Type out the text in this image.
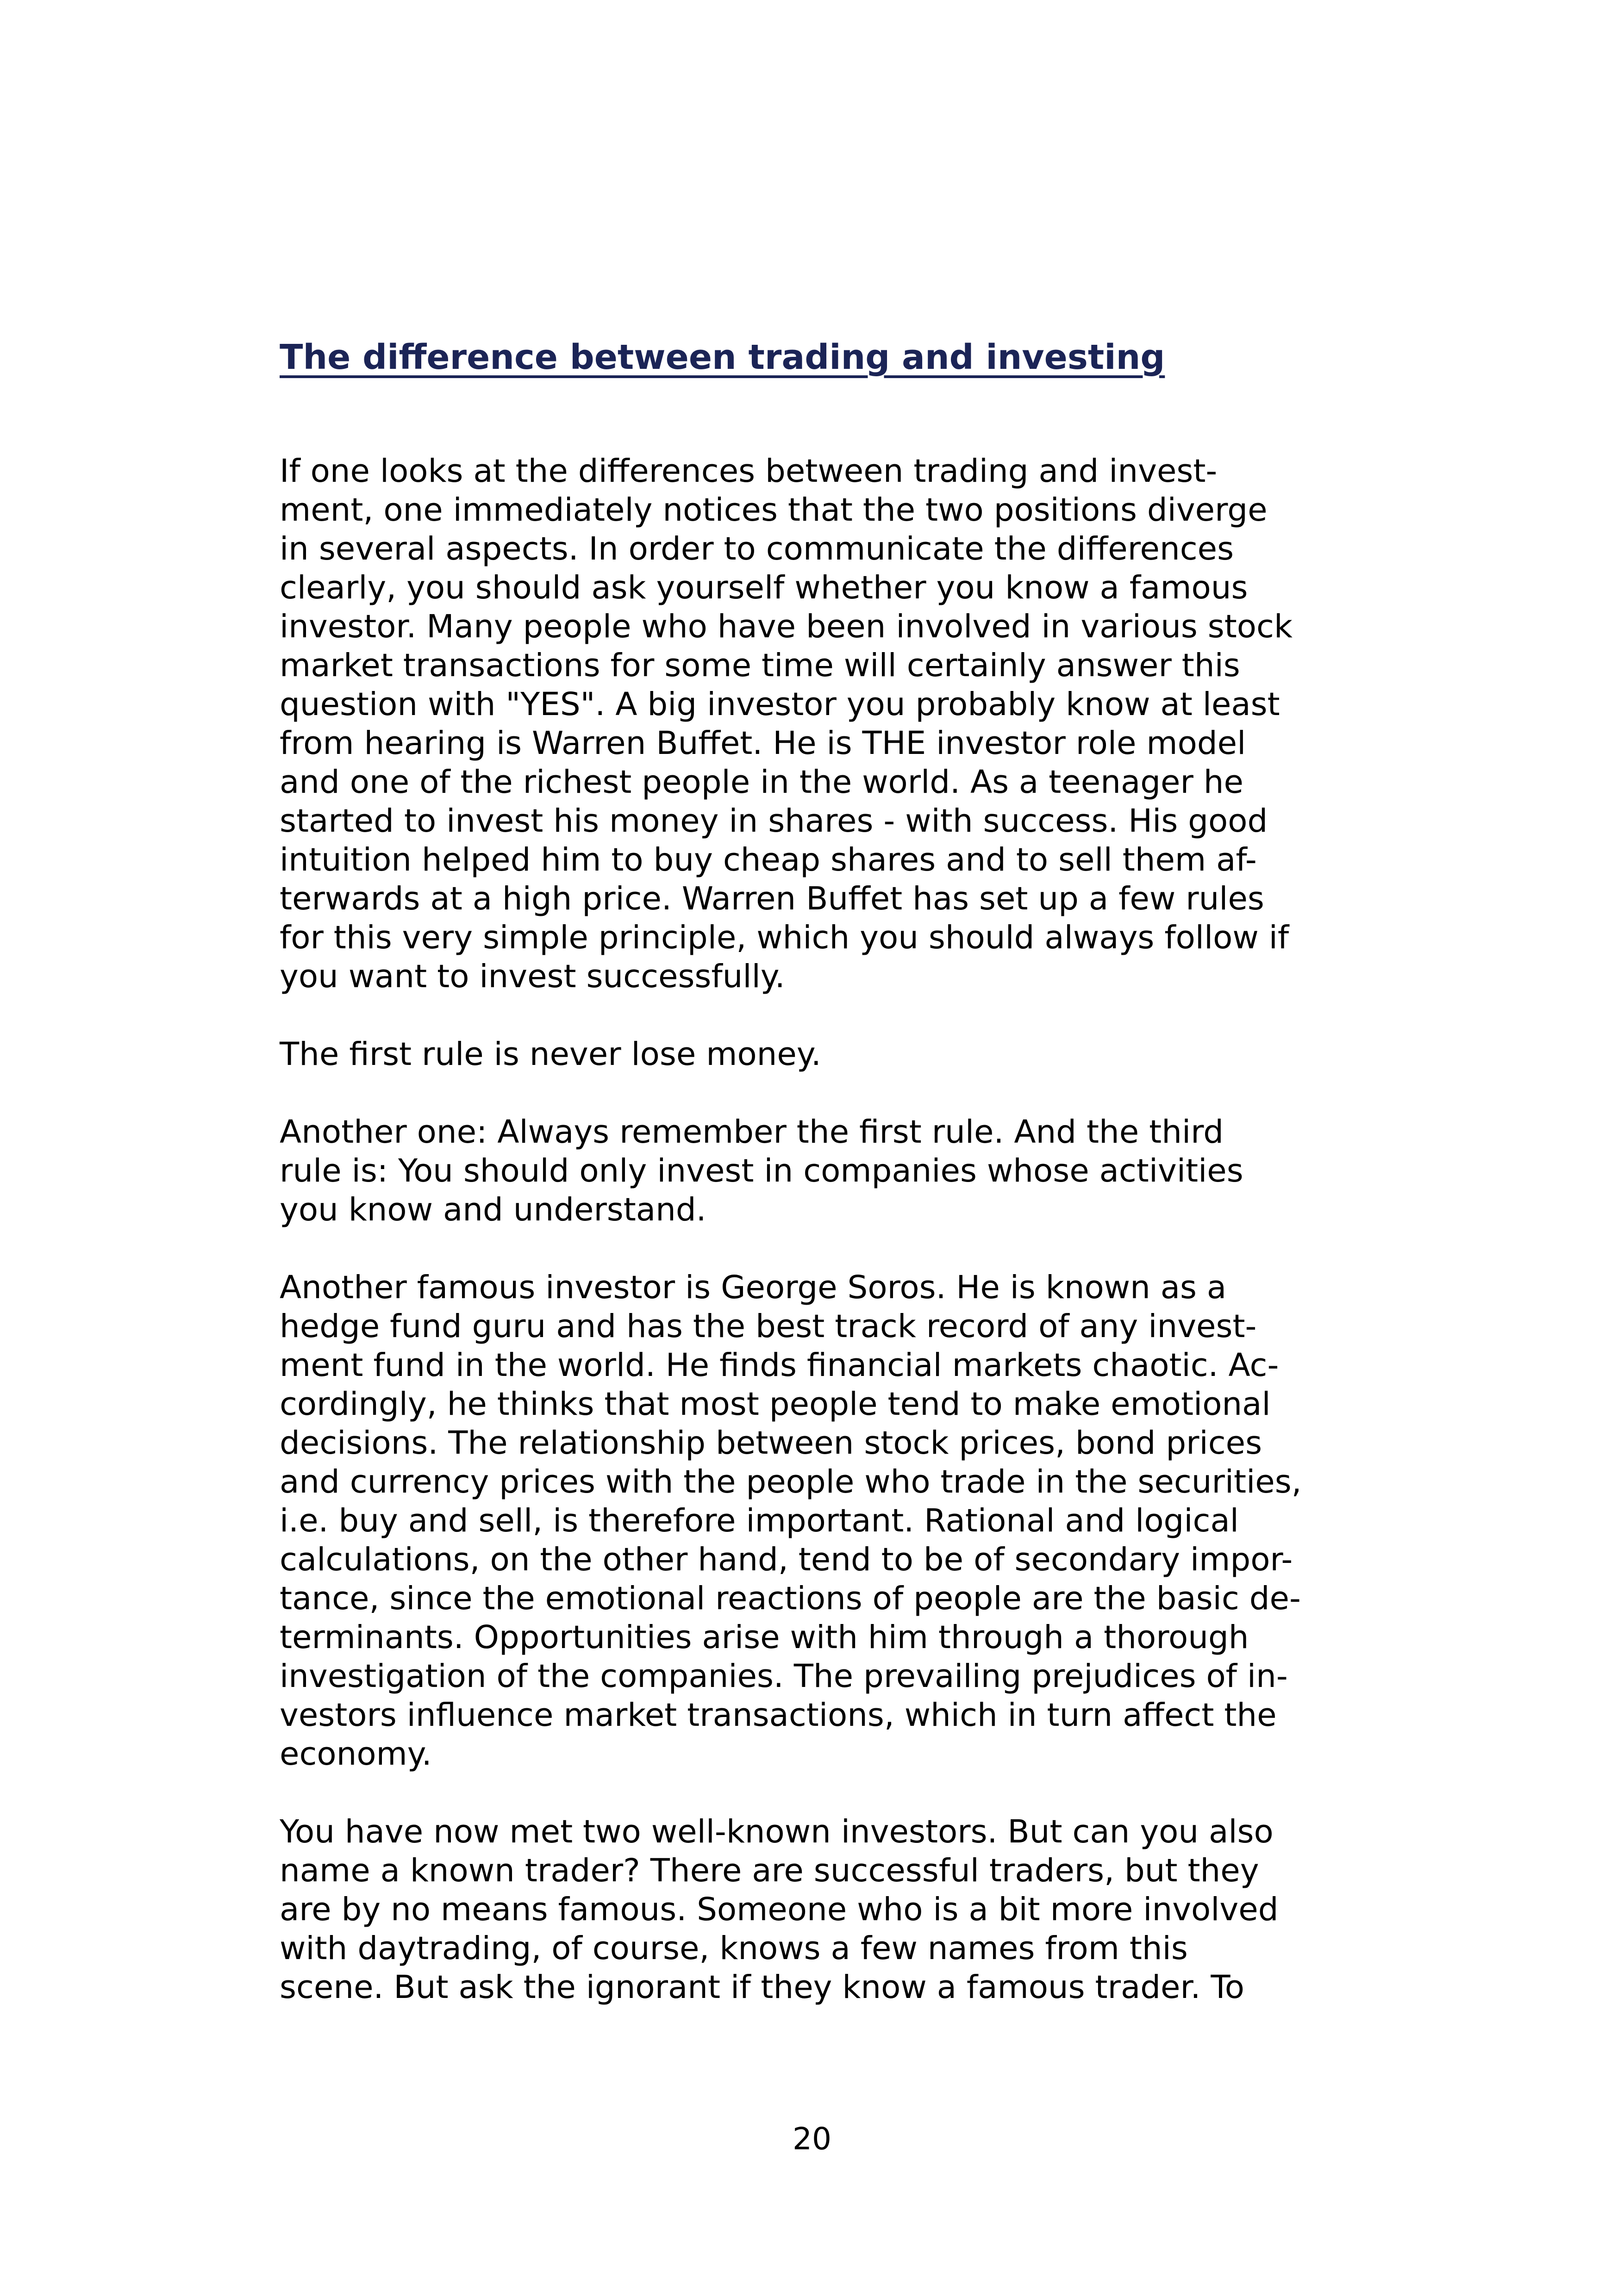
The difference between trading and investing
If one looks at the differences between trading and invest-
ment, one immediately notices that the two positions diverge
in several aspects. In order to communicate the differences
clearly, you should ask yourself whether you know a famous
investor. Many people who have been involved in various stock
market transactions for some time will certainly answer this
question with "YES". A big investor you probably know at least
from hearing is Warren Buffet. He is THE investor role model
and one of the richest people in the world. As a teenager he
started to invest his money in shares - with success. His good
intuition helped him to buy cheap shares and to sell them af-
terwards at a high price. Warren Buffet has set up a few rules
for this very simple principle, which you should always follow if
you want to invest successfully.
The first rule is never lose money.
Another one: Always remember the first rule. And the third
rule is: You should only invest in companies whose activities
you know and understand.
Another famous investor is George Soros. He is known as a
hedge fund guru and has the best track record of any invest-
ment fund in the world. He finds financial markets chaotic. Ac-
cordingly, he thinks that most people tend to make emotional
decisions. The relationship between stock prices, bond prices
and currency prices with the people who trade in the securities,
i.e. buy and sell, is therefore important. Rational and logical
calculations, on the other hand, tend to be of secondary impor-
tance, since the emotional reactions of people are the basic de-
terminants. Opportunities arise with him through a thorough
investigation of the companies. The prevailing prejudices of in-
vestors influence market transactions, which in turn affect the
economy.
You have now met two well-known investors. But can you also
name a known trader? There are successful traders, but they
are by no means famous. Someone who is a bit more involved
with daytrading, of course, knows a few names from this
scene. But ask the ignorant if they know a famous trader. To
20
